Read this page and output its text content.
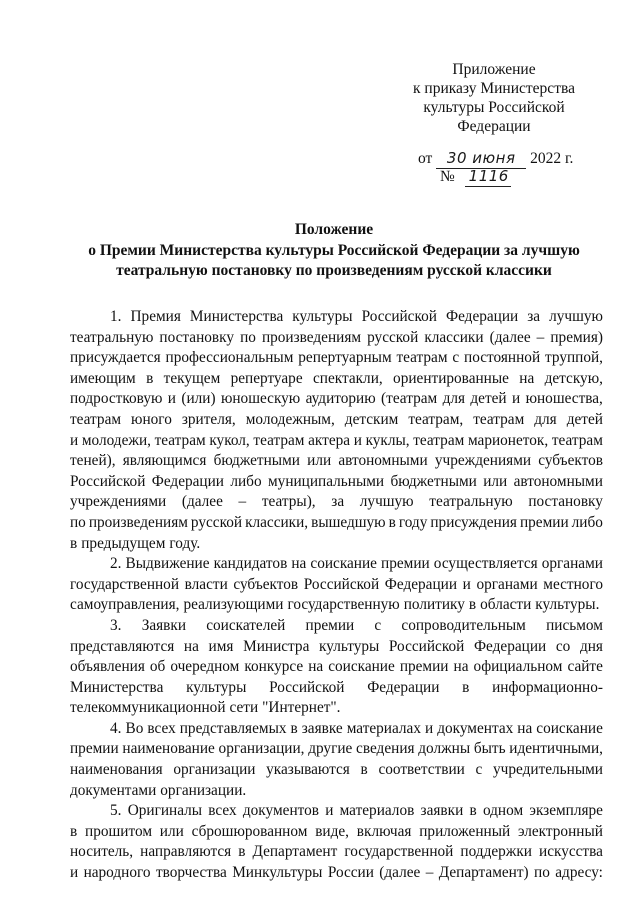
Приложение
к приказу Министерства
культуры Российской
Федерации
от 30 июня 2022 г.
№ 1116
Положение
о Премии Министерства культуры Российской Федерации за лучшую
театральную постановку по произведениям русской классики
1. Премия Министерства культуры Российской Федерации за лучшую
театральную постановку по произведениям русской классики (далее – премия)
присуждается профессиональным репертуарным театрам с постоянной труппой,
имеющим в текущем репертуаре спектакли, ориентированные на детскую,
подростковую и (или) юношескую аудиторию (театрам для детей и юношества,
театрам юного зрителя, молодежным, детским театрам, театрам для детей
и молодежи, театрам кукол, театрам актера и куклы, театрам марионеток, театрам
теней), являющимся бюджетными или автономными учреждениями субъектов
Российской Федерации либо муниципальными бюджетными или автономными
учреждениями (далее – театры), за лучшую театральную постановку
по произведениям русской классики, вышедшую в году присуждения премии либо
в предыдущем году.
2. Выдвижение кандидатов на соискание премии осуществляется органами
государственной власти субъектов Российской Федерации и органами местного
самоуправления, реализующими государственную политику в области культуры.
3. Заявки соискателей премии с сопроводительным письмом
представляются на имя Министра культуры Российской Федерации со дня
объявления об очередном конкурсе на соискание премии на официальном сайте
Министерства культуры Российской Федерации в информационно-
телекоммуникационной сети "Интернет".
4. Во всех представляемых в заявке материалах и документах на соискание
премии наименование организации, другие сведения должны быть идентичными,
наименования организации указываются в соответствии с учредительными
документами организации.
5. Оригиналы всех документов и материалов заявки в одном экземпляре
в прошитом или сброшюрованном виде, включая приложенный электронный
носитель, направляются в Департамент государственной поддержки искусства
и народного творчества Минкультуры России (далее – Департамент) по адресу:
